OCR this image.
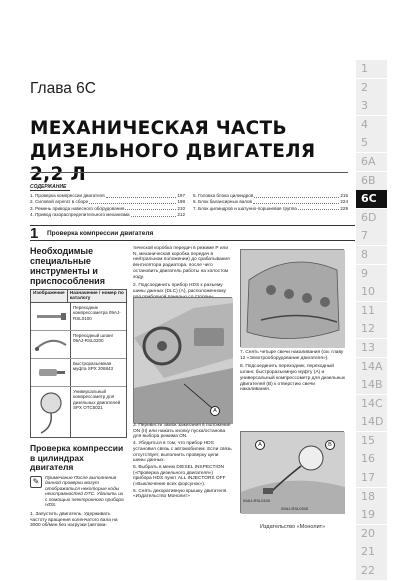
Глава 6C
МЕХАНИЧЕСКАЯ ЧАСТЬ
ДИЗЕЛЬНОГО ДВИГАТЕЛЯ 2,2 Л
СОДЕРЖАНИЕ
1. Проверка компрессии двигателя	197
2. Силовой агрегат в сборе	198
3. Ремень привода навесного оборудования	210
4. Привод газораспределительного механизма	212
5. Головка блока цилиндров	215
6. Блок балансирных валов	224
7. Блок цилиндров и шатунно-поршневая группа	229
1
2
3
4
5
6A
6B
6C
6D
7
8
9
10
11
12
13
14A
14B
14C
14D
15
16
17
18
19
20
21
22
1	Проверка компрессии двигателя
Необходимые специальные инструменты и приспособления
Изображение	Назначение / номер по каталогу
Переходник компрессометра 09AJ-RSL0100
Переходный шланг 09AJ-RSL0200
Быстроразъемная муфта SPX 206843
Универсальный компрессометр для дизельных двигателей SPX OTC5021
Проверка компрессии в цилиндрах двигателя
✎	Примечание После выполнения данной проверки могут отображаться некоторые коды неисправностей DTC. Удалить их с помощью электронного прибора HDS.
1. Запустить двигатель. Удерживать частоту вращения коленчатого вала на 3000 об/мин без нагрузки (автома-
тической коробка передач в режиме P или N, механическая коробка передач в нейтральном положении) до срабатывания вентилятора радиатора, после чего остановить двигатель работы на холостом ходу.
2. Подсоединить прибор HDS к разъему шины данных (DLC) (A), расположенному
A
3. Перевести замок зажигания в положение ON (II) или нажать кнопку пуска/останова для выбора режима ON.
4. Убедиться в том, что прибор HDS установил связь с автомобилем. Если связь отсутствует, выполнить проверку цепи шины данных.
5. Выбрать в меню DIESEL INSPECTION («Проверка дизельного двигателя») прибора HDS пункт ALL INJECTORS OFF («Выключение всех форсунок»).
6. Снять декоративную крышку двигателя. «Издательство Монолит»
7. Снять четыре свечи накаливания (см. главу 12 «Электрооборудование двигателя»).
8. Подсоединить переходник, переходный шланг, быстроразъемную муфту (А) и универсальный компрессометр для дизельных двигателей (В) к отверстию свечи накаливания.
A	B
09AJ-RSL0100
09AJ-RSL0200
Издательство «Монолит»
